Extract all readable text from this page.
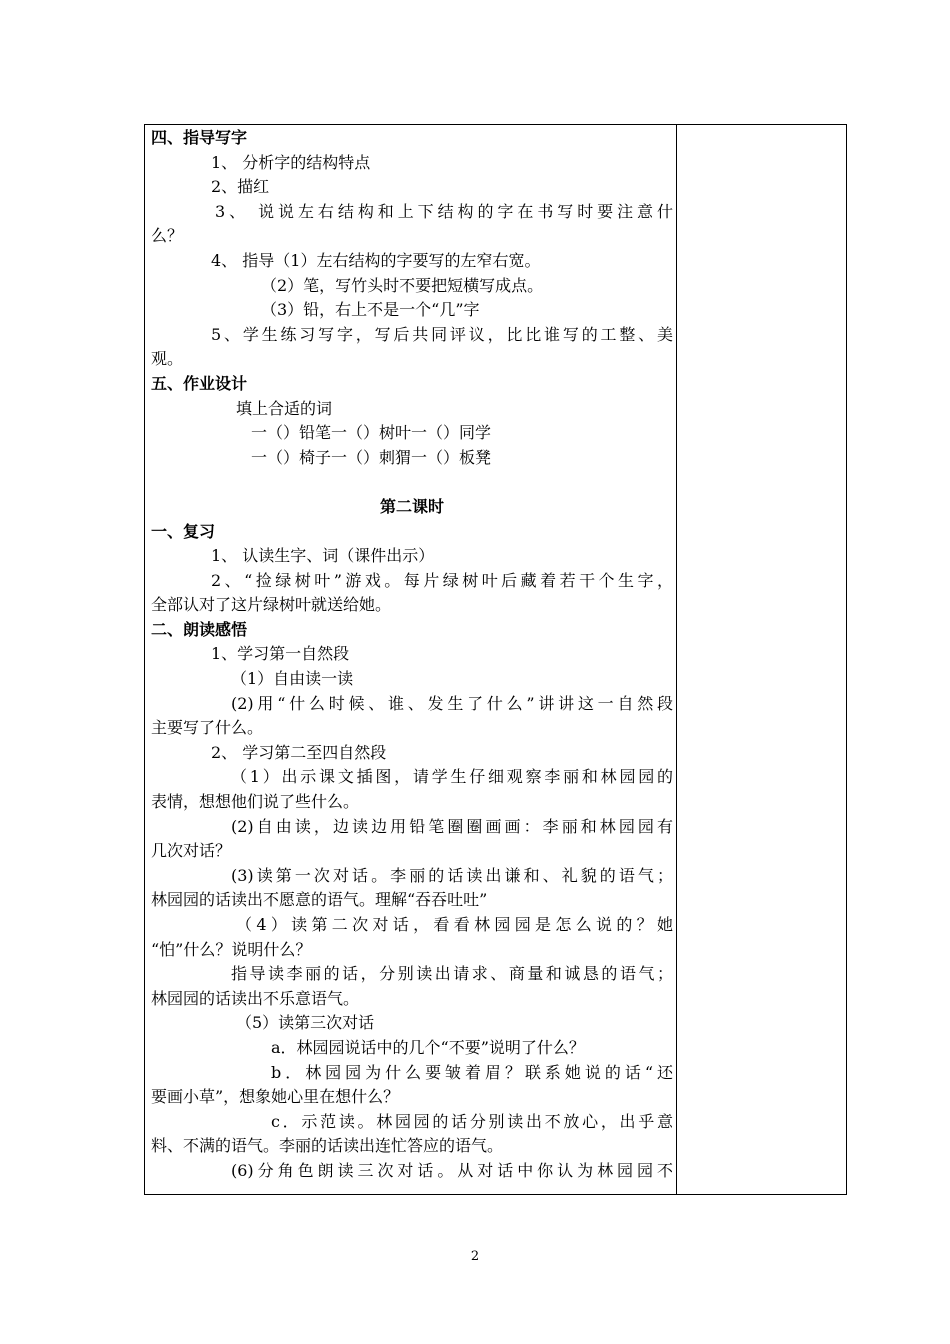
四、指导写字
1、 分析字的结构特点
2、描红
3、 说说左右结构和上下结构的字在书写时要注意什
么？
4、 指导（1）左右结构的字要写的左窄右宽。
（2）笔，写竹头时不要把短横写成点。
（3）铅，右上不是一个“几”字
5、学生练习写字，写后共同评议，比比谁写的工整、美
观。
五、作业设计
填上合适的词
一（）铅笔一（）树叶一（）同学
一（）椅子一（）刺猬一（）板凳
第二课时
一、复习
1、 认读生字、词（课件出示）
2、“捡绿树叶”游戏。每片绿树叶后藏着若干个生字，
全部认对了这片绿树叶就送给她。
二、朗读感悟
1、学习第一自然段
（1）自由读一读
(2)用“什么时候、谁、发生了什么”讲讲这一自然段
主要写了什么。
2、 学习第二至四自然段
（1）出示课文插图，请学生仔细观察李丽和林园园的
表情，想想他们说了些什么。
(2)自由读，边读边用铅笔圈圈画画：李丽和林园园有
几次对话？
(3)读第一次对话。李丽的话读出谦和、礼貌的语气；
林园园的话读出不愿意的语气。理解“吞吞吐吐”
（4）读第二次对话，看看林园园是怎么说的？她
“怕”什么？说明什么？
指导读李丽的话，分别读出请求、商量和诚恳的语气；
林园园的话读出不乐意语气。
（5）读第三次对话
a．林园园说话中的几个“不要”说明了什么？
b．林园园为什么要皱着眉？联系她说的话“还
要画小草”，想象她心里在想什么？
c．示范读。林园园的话分别读出不放心，出乎意
料、不满的语气。李丽的话读出连忙答应的语气。
(6)分角色朗读三次对话。从对话中你认为林园园不
2
